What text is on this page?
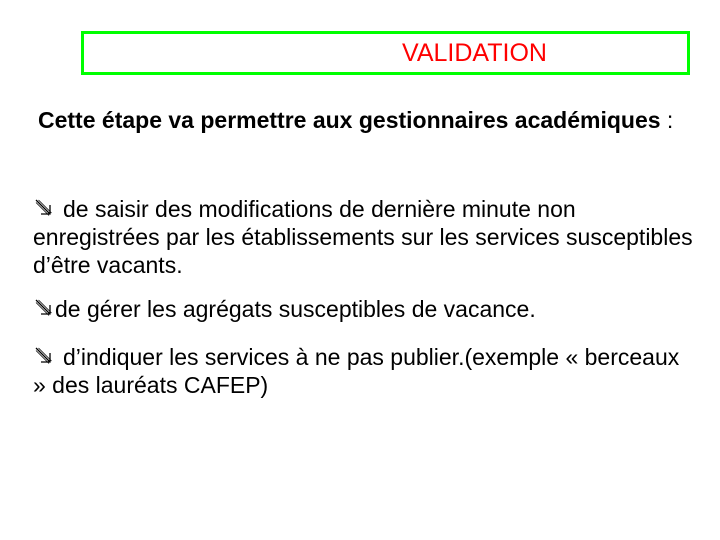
VALIDATION

Cette étape va permettre aux gestionnaires académiques :

de saisir des modifications de dernière minute non enregistrées par les établissements sur les services susceptibles d’être vacants.

de gérer les agrégats susceptibles de vacance.

d’indiquer les services à ne pas publier.(exemple « berceaux » des lauréats CAFEP)
